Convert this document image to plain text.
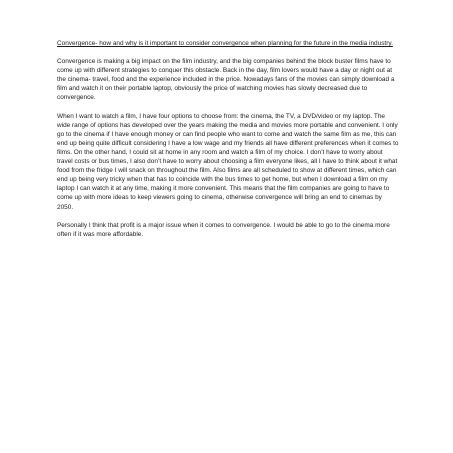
Convergence- how and why is it important to consider convergence when planning for the future in the media industry.

Convergence is making a big impact on the film industry, and the big companies behind the block buster films have to come up with different strategies to conquer this obstacle. Back in the day, film lovers would have a day or night out at the cinema- travel, food and the experience included in the price. Nowadays fans of the movies can simply download a film and watch it on their portable laptop, obviously the price of watching movies has slowly decreased due to convergence.

When I want to watch a film, I have four options to choose from: the cinema, the TV, a DVD/video or my laptop. The wide range of options has developed over the years making the media and movies more portable and convenient. I only go to the cinema if I have enough money or can find people who want to come and watch the same film as me, this can end up being quite difficult considering I have a low wage and my friends all have different preferences when it comes to films. On the other hand, I could sit at home in any room and watch a film of my choice. I don’t have to worry about travel costs or bus times, I also don’t have to worry about choosing a film everyone likes, all I have to think about it what food from the fridge I will snack on throughout the film. Also films are all scheduled to show at different times, which can end up being very tricky when that has to coincide with the bus times to get home, but when I download a film on my laptop I can watch it at any time, making it more convenient. This means that the film companies are going to have to come up with more ideas to keep viewers going to cinema, otherwise convergence will bring an end to cinemas by 2050.

Personally I think that profit is a major issue when it comes to convergence. I would be able to go to the cinema more often if it was more affordable.
